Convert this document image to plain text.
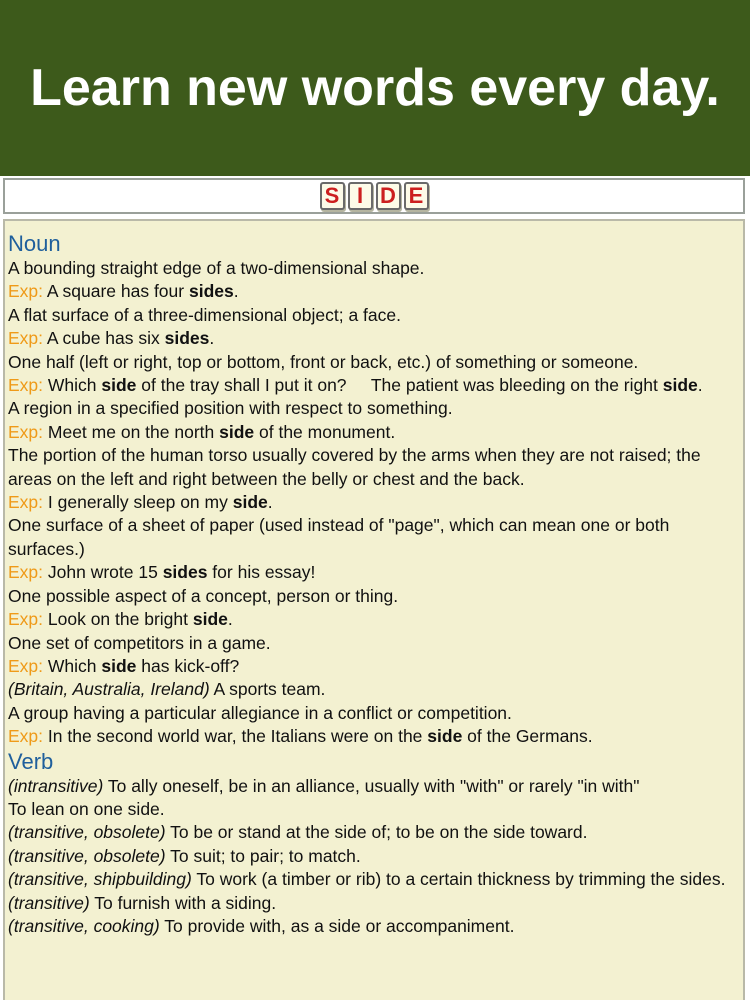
Learn new words every day.
S I D E

Noun

A bounding straight edge of a two-dimensional shape.

Exp: A square has four sides.

A flat surface of a three-dimensional object; a face.

Exp: A cube has six sides.

One half (left or right, top or bottom, front or back, etc.) of something or someone.

Exp: Which side of the tray shall I put it on?     The patient was bleeding on the right side.

A region in a specified position with respect to something.

Exp: Meet me on the north side of the monument.

The portion of the human torso usually covered by the arms when they are not raised; the areas on the left and right between the belly or chest and the back.

Exp: I generally sleep on my side.

One surface of a sheet of paper (used instead of "page", which can mean one or both surfaces.)

Exp: John wrote 15 sides for his essay!

One possible aspect of a concept, person or thing.

Exp: Look on the bright side.

One set of competitors in a game.

Exp: Which side has kick-off?

(Britain, Australia, Ireland) A sports team.

A group having a particular allegiance in a conflict or competition.

Exp: In the second world war, the Italians were on the side of the Germans.

Verb

(intransitive) To ally oneself, be in an alliance, usually with "with" or rarely "in with"

To lean on one side.

(transitive, obsolete) To be or stand at the side of; to be on the side toward.

(transitive, obsolete) To suit; to pair; to match.

(transitive, shipbuilding) To work (a timber or rib) to a certain thickness by trimming the sides.

(transitive) To furnish with a siding.

(transitive, cooking) To provide with, as a side or accompaniment.
